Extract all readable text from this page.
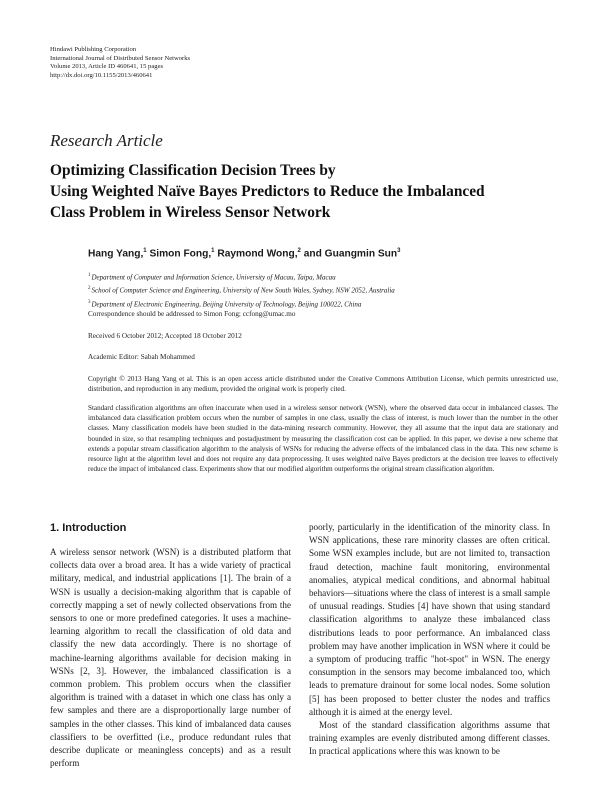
Hindawi Publishing Corporation
International Journal of Distributed Sensor Networks
Volume 2013, Article ID 460641, 15 pages
http://dx.doi.org/10.1155/2013/460641
Research Article
Optimizing Classification Decision Trees by
Using Weighted Naïve Bayes Predictors to Reduce the Imbalanced
Class Problem in Wireless Sensor Network
Hang Yang,$^1$ Simon Fong,$^1$ Raymond Wong,$^2$ and Guangmin Sun$^3$
$^1$Department of Computer and Information Science, University of Macau, Taipa, Macau
$^2$School of Computer Science and Engineering, University of New South Wales, Sydney, NSW 2052, Australia
$^3$Department of Electronic Engineering, Beijing University of Technology, Beijing 100022, China
Correspondence should be addressed to Simon Fong; ccfong@umac.mo
Received 6 October 2012; Accepted 18 October 2012
Academic Editor: Sabah Mohammed
Copyright © 2013 Hang Yang et al. This is an open access article distributed under the Creative Commons Attribution License, which permits unrestricted use, distribution, and reproduction in any medium, provided the original work is properly cited.
Standard classification algorithms are often inaccurate when used in a wireless sensor network (WSN), where the observed data occur in imbalanced classes. The imbalanced data classification problem occurs when the number of samples in one class, usually the class of interest, is much lower than the number in the other classes. Many classification models have been studied in the data-mining research community. However, they all assume that the input data are stationary and bounded in size, so that resampling techniques and postadjustment by measuring the classification cost can be applied. In this paper, we devise a new scheme that extends a popular stream classification algorithm to the analysis of WSNs for reducing the adverse effects of the imbalanced class in the data. This new scheme is resource light at the algorithm level and does not require any data preprocessing. It uses weighted naïve Bayes predictors at the decision tree leaves to effectively reduce the impact of imbalanced class. Experiments show that our modified algorithm outperforms the original stream classification algorithm.
1. Introduction

A wireless sensor network (WSN) is a distributed platform that collects data over a broad area. It has a wide variety of practical military, medical, and industrial applications [1]. The brain of a WSN is usually a decision-making algorithm that is capable of correctly mapping a set of newly collected observations from the sensors to one or more predefined categories. It uses a machine-learning algorithm to recall the classification of old data and classify the new data accordingly. There is no shortage of machine-learning algorithms available for decision making in WSNs [2, 3]. However, the imbalanced classification is a common problem. This problem occurs when the classifier algorithm is trained with a dataset in which one class has only a few samples and there are a disproportionally large number of samples in the other classes. This kind of imbalanced data causes classifiers to be overfitted (i.e., produce redundant rules that describe duplicate or meaningless concepts) and as a result perform

poorly, particularly in the identification of the minority class. In WSN applications, these rare minority classes are often critical. Some WSN examples include, but are not limited to, transaction fraud detection, machine fault monitoring, environmental anomalies, atypical medical conditions, and abnormal habitual behaviors—situations where the class of interest is a small sample of unusual readings. Studies [4] have shown that using standard classification algorithms to analyze these imbalanced class distributions leads to poor performance. An imbalanced class problem may have another implication in WSN where it could be a symptom of producing traffic "hot-spot" in WSN. The energy consumption in the sensors may become imbalanced too, which leads to premature drainout for some local nodes. Some solution [5] has been proposed to better cluster the nodes and traffics although it is aimed at the energy level.

Most of the standard classification algorithms assume that training examples are evenly distributed among different classes. In practical applications where this was known to be
